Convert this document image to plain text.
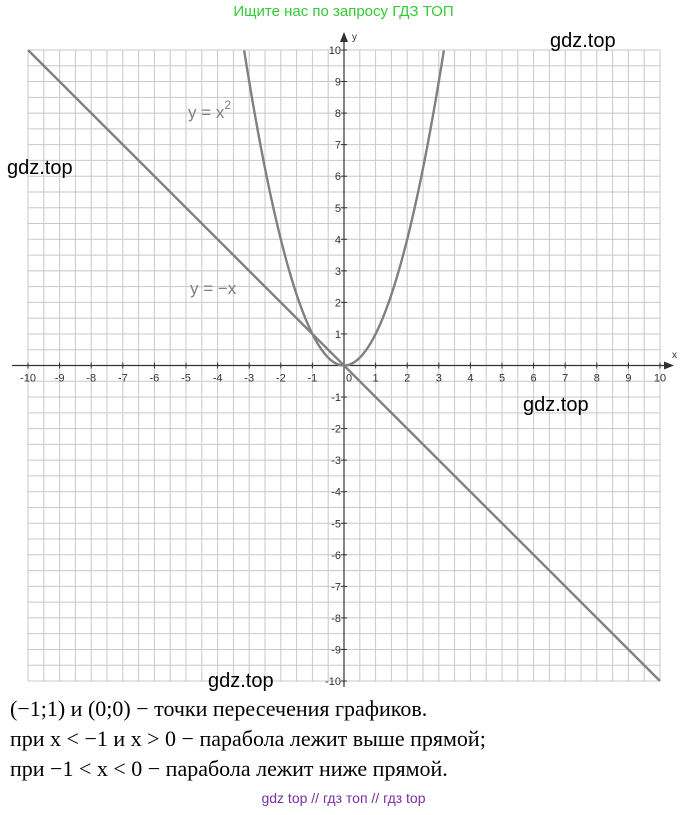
Ищите нас по запросу ГДЗ ТОП
-10 -9 -8 -7 -6 -5 -4 -3 -2 -1	0 1 2 3 4 5 6 7 8 9 10
10
9
8
7
6
5
4
3
2
1
-1
-2
-3
-4
-5
-6
-7
-8
-9
-10
$y = x^2$
y = −x
y
x
gdz.top
gdz.top
gdz.top
gdz.top
(−1;1) и (0;0) − точки пересечения графиков.
при x < −1 и x > 0 − парабола лежит выше прямой;
при −1 < x < 0 − парабола лежит ниже прямой.
gdz top // гдз топ // гдз top
